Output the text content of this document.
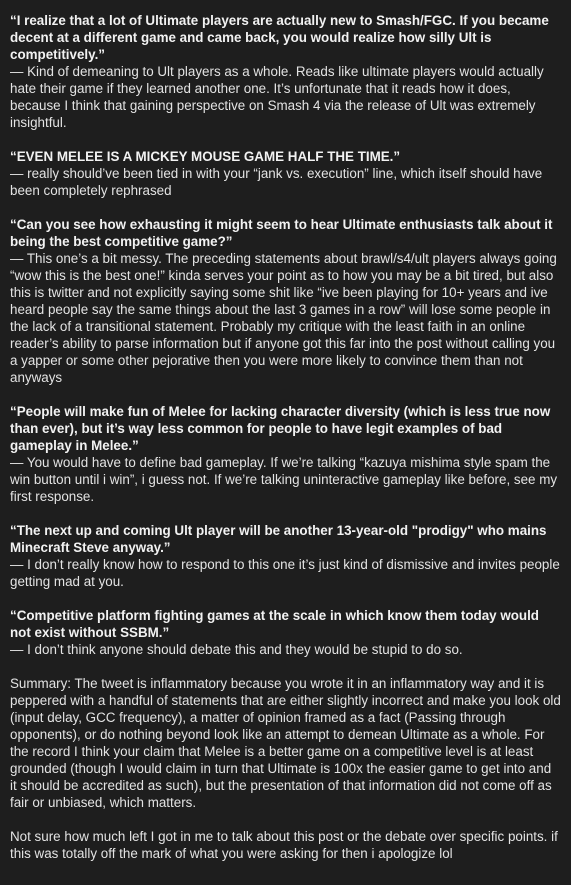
“I realize that a lot of Ultimate players are actually new to Smash/FGC. If you became decent at a different game and came back, you would realize how silly Ult is competitively.”
— Kind of demeaning to Ult players as a whole. Reads like ultimate players would actually hate their game if they learned another one. It’s unfortunate that it reads how it does, because I think that gaining perspective on Smash 4 via the release of Ult was extremely insightful.
“EVEN MELEE IS A MICKEY MOUSE GAME HALF THE TIME.”
— really should’ve been tied in with your “jank vs. execution” line, which itself should have been completely rephrased
“Can you see how exhausting it might seem to hear Ultimate enthusiasts talk about it being the best competitive game?”
— This one’s a bit messy. The preceding statements about brawl/s4/ult players always going “wow this is the best one!” kinda serves your point as to how you may be a bit tired, but also this is twitter and not explicitly saying some shit like “ive been playing for 10+ years and ive heard people say the same things about the last 3 games in a row” will lose some people in the lack of a transitional statement. Probably my critique with the least faith in an online reader’s ability to parse information but if anyone got this far into the post without calling you a yapper or some other pejorative then you were more likely to convince them than not anyways
“People will make fun of Melee for lacking character diversity (which is less true now than ever), but it’s way less common for people to have legit examples of bad gameplay in Melee.”
— You would have to define bad gameplay. If we’re talking “kazuya mishima style spam the win button until i win”, i guess not. If we’re talking uninteractive gameplay like before, see my first response.
“The next up and coming Ult player will be another 13-year-old "prodigy" who mains Minecraft Steve anyway.”
— I don’t really know how to respond to this one it’s just kind of dismissive and invites people getting mad at you.
“Competitive platform fighting games at the scale in which know them today would not exist without SSBM.”
— I don’t think anyone should debate this and they would be stupid to do so.
Summary: The tweet is inflammatory because you wrote it in an inflammatory way and it is peppered with a handful of statements that are either slightly incorrect and make you look old (input delay, GCC frequency), a matter of opinion framed as a fact (Passing through opponents), or do nothing beyond look like an attempt to demean Ultimate as a whole. For the record I think your claim that Melee is a better game on a competitive level is at least grounded (though I would claim in turn that Ultimate is 100x the easier game to get into and it should be accredited as such), but the presentation of that information did not come off as fair or unbiased, which matters.
Not sure how much left I got in me to talk about this post or the debate over specific points. if this was totally off the mark of what you were asking for then i apologize lol
